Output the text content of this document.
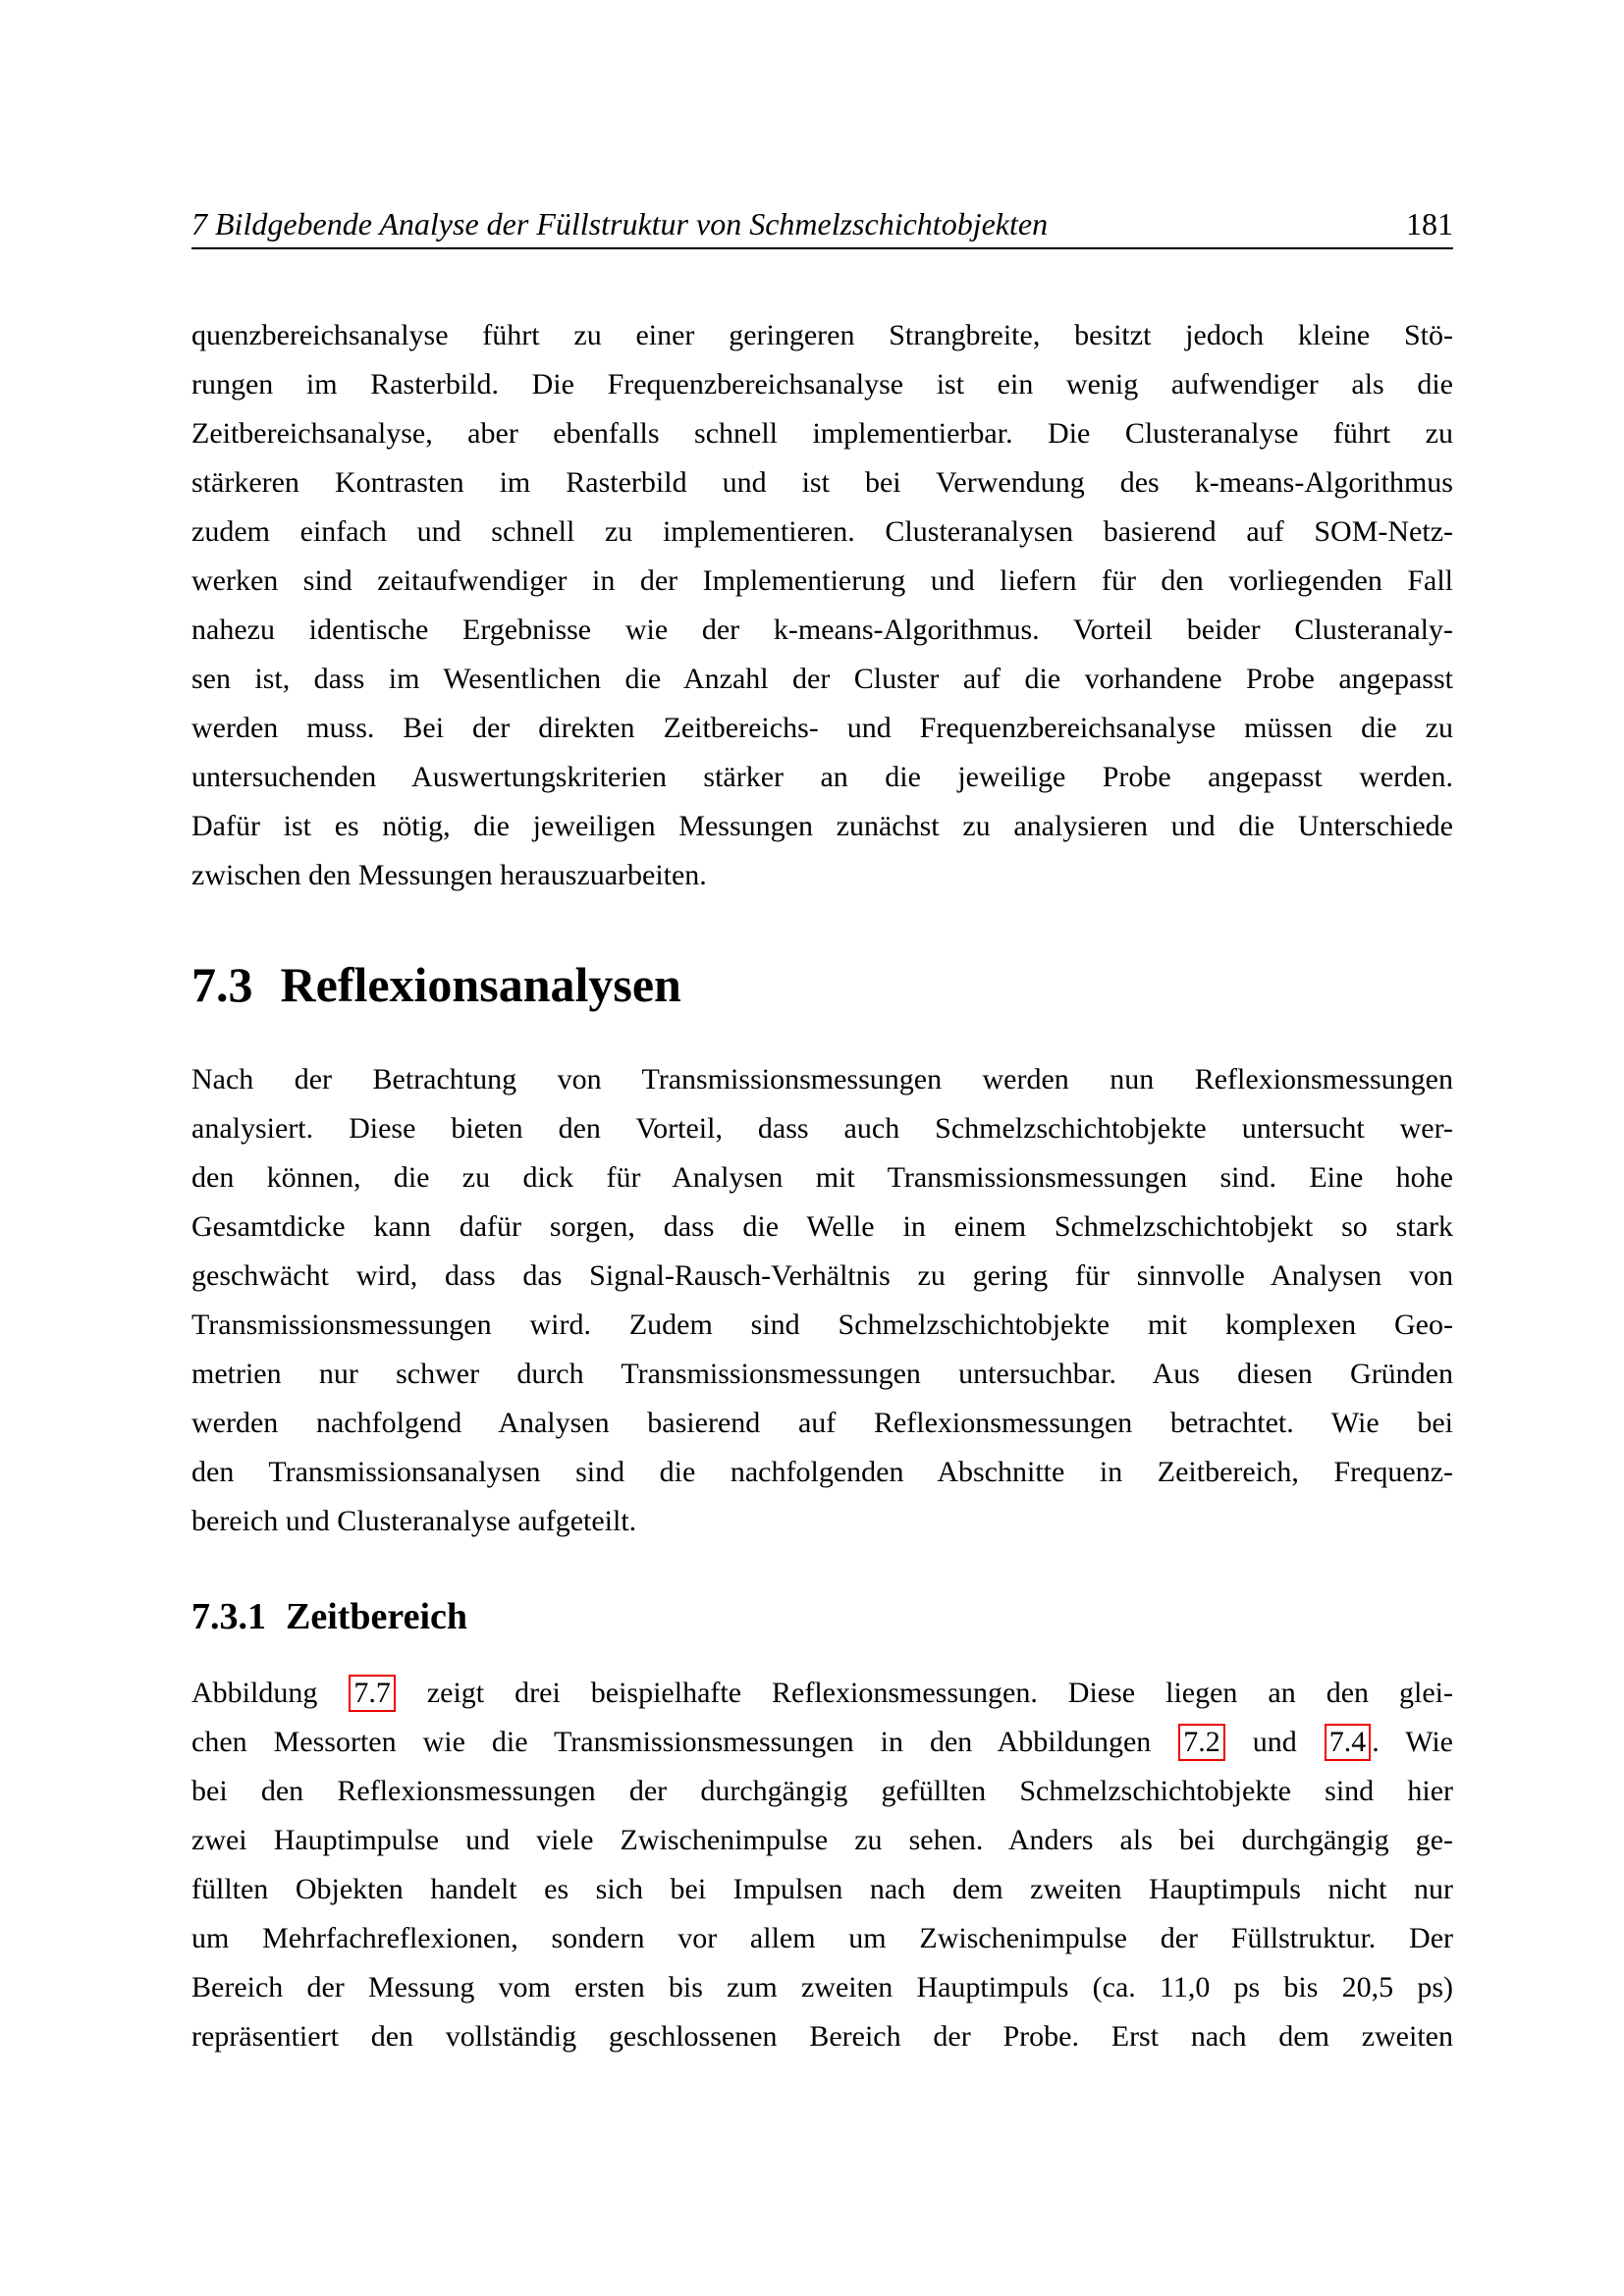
7 Bildgebende Analyse der Füllstruktur von Schmelzschichtobjekten	181
quenzbereichsanalyse führt zu einer geringeren Strangbreite, besitzt jedoch kleine Stö-
rungen im Rasterbild. Die Frequenzbereichsanalyse ist ein wenig aufwendiger als die
Zeitbereichsanalyse, aber ebenfalls schnell implementierbar. Die Clusteranalyse führt zu
stärkeren Kontrasten im Rasterbild und ist bei Verwendung des k-means-Algorithmus
zudem einfach und schnell zu implementieren. Clusteranalysen basierend auf SOM-Netz-
werken sind zeitaufwendiger in der Implementierung und liefern für den vorliegenden Fall
nahezu identische Ergebnisse wie der k-means-Algorithmus. Vorteil beider Clusteranaly-
sen ist, dass im Wesentlichen die Anzahl der Cluster auf die vorhandene Probe angepasst
werden muss. Bei der direkten Zeitbereichs- und Frequenzbereichsanalyse müssen die zu
untersuchenden Auswertungskriterien stärker an die jeweilige Probe angepasst werden.
Dafür ist es nötig, die jeweiligen Messungen zunächst zu analysieren und die Unterschiede
zwischen den Messungen herauszuarbeiten.
7.3 Reflexionsanalysen
Nach der Betrachtung von Transmissionsmessungen werden nun Reflexionsmessungen
analysiert. Diese bieten den Vorteil, dass auch Schmelzschichtobjekte untersucht wer-
den können, die zu dick für Analysen mit Transmissionsmessungen sind. Eine hohe
Gesamtdicke kann dafür sorgen, dass die Welle in einem Schmelzschichtobjekt so stark
geschwächt wird, dass das Signal-Rausch-Verhältnis zu gering für sinnvolle Analysen von
Transmissionsmessungen wird. Zudem sind Schmelzschichtobjekte mit komplexen Geo-
metrien nur schwer durch Transmissionsmessungen untersuchbar. Aus diesen Gründen
werden nachfolgend Analysen basierend auf Reflexionsmessungen betrachtet. Wie bei
den Transmissionsanalysen sind die nachfolgenden Abschnitte in Zeitbereich, Frequenz-
bereich und Clusteranalyse aufgeteilt.
7.3.1 Zeitbereich
Abbildung 7.7 zeigt drei beispielhafte Reflexionsmessungen. Diese liegen an den glei-
chen Messorten wie die Transmissionsmessungen in den Abbildungen 7.2 und 7.4 . Wie
bei den Reflexionsmessungen der durchgängig gefüllten Schmelzschichtobjekte sind hier
zwei Hauptimpulse und viele Zwischenimpulse zu sehen. Anders als bei durchgängig ge-
füllten Objekten handelt es sich bei Impulsen nach dem zweiten Hauptimpuls nicht nur
um Mehrfachreflexionen, sondern vor allem um Zwischenimpulse der Füllstruktur. Der
Bereich der Messung vom ersten bis zum zweiten Hauptimpuls (ca. 11,0 ps bis 20,5 ps)
repräsentiert den vollständig geschlossenen Bereich der Probe. Erst nach dem zweiten
